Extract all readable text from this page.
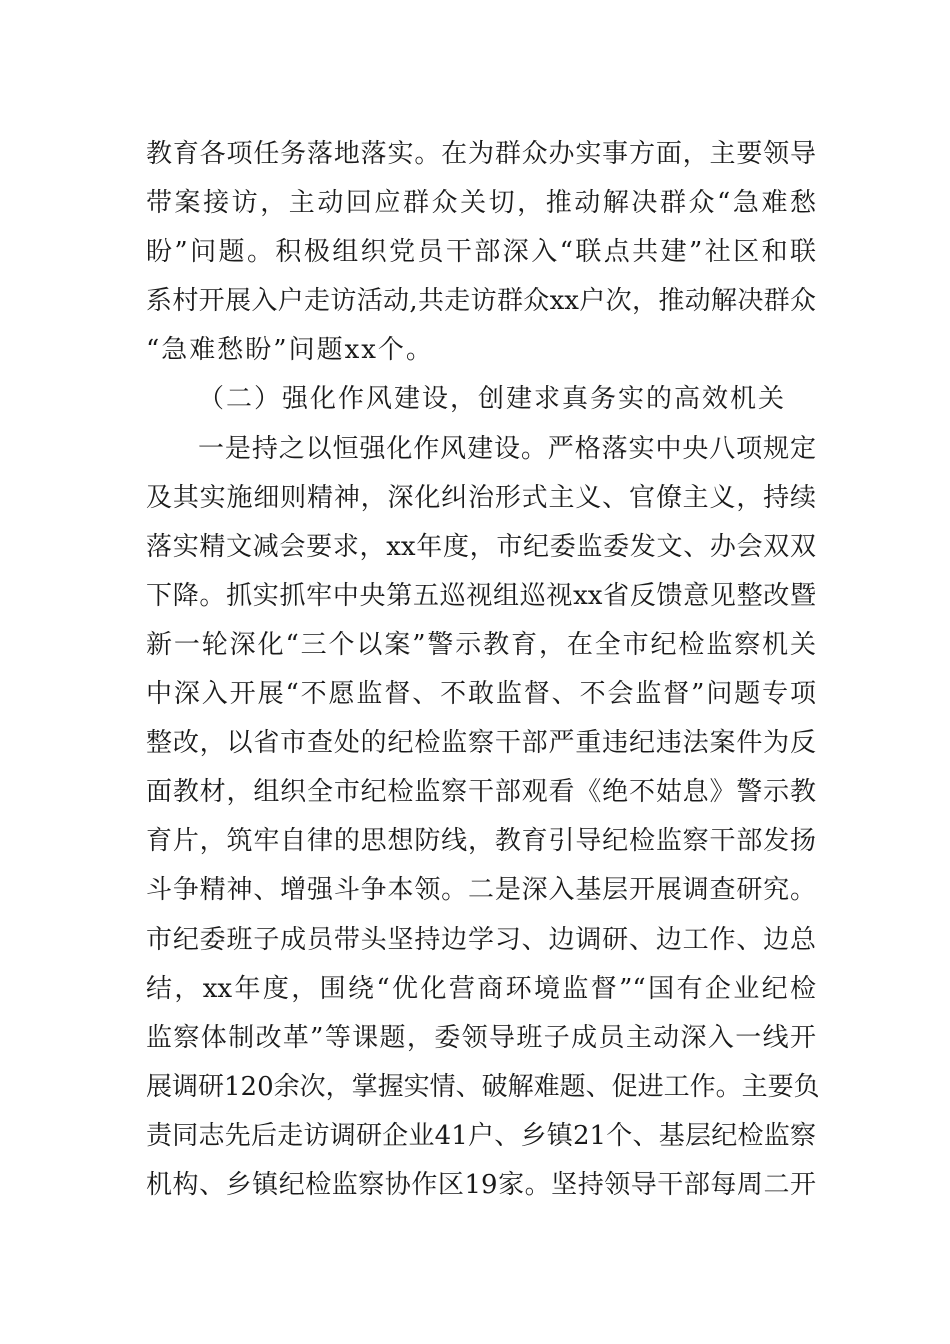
教育各项任务落地落实。在为群众办实事方面，主要领导
带案接访，主动回应群众关切，推动解决群众“急难愁
盼”问题。积极组织党员干部深入“联点共建”社区和联
系村开展入户走访活动,共走访群众xx户次，推动解决群众
“急难愁盼”问题xx个。
（二）强化作风建设，创建求真务实的高效机关
一是持之以恒强化作风建设。严格落实中央八项规定
及其实施细则精神，深化纠治形式主义、官僚主义，持续
落实精文减会要求，xx年度，市纪委监委发文、办会双双
下降。抓实抓牢中央第五巡视组巡视xx省反馈意见整改暨
新一轮深化“三个以案”警示教育，在全市纪检监察机关
中深入开展“不愿监督、不敢监督、不会监督”问题专项
整改，以省市查处的纪检监察干部严重违纪违法案件为反
面教材，组织全市纪检监察干部观看《绝不姑息》警示教
育片，筑牢自律的思想防线，教育引导纪检监察干部发扬
斗争精神、增强斗争本领。二是深入基层开展调查研究。
市纪委班子成员带头坚持边学习、边调研、边工作、边总
结，xx年度，围绕“优化营商环境监督”“国有企业纪检
监察体制改革”等课题，委领导班子成员主动深入一线开
展调研120余次，掌握实情、破解难题、促进工作。主要负
责同志先后走访调研企业41户、乡镇21个、基层纪检监察
机构、乡镇纪检监察协作区19家。坚持领导干部每周二开
